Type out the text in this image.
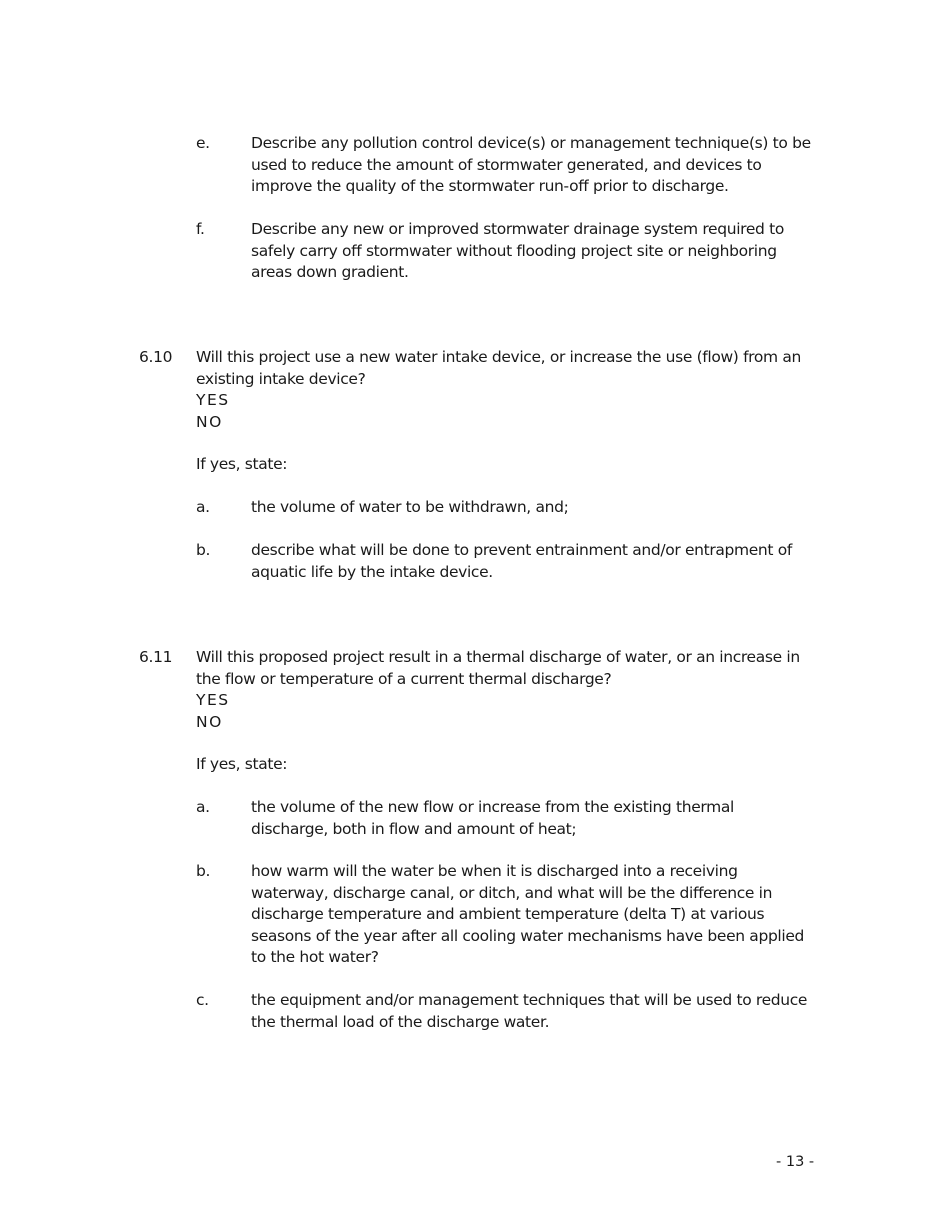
e.	Describe any pollution control device(s) or management technique(s) to be
used to reduce the amount of stormwater generated, and devices to
improve the quality of the stormwater run-off prior to discharge.
f.	Describe any new or improved stormwater drainage system required to
safely carry off stormwater without flooding project site or neighboring
areas down gradient.
6.10 Will this project use a new water intake device, or increase the use (flow) from an
existing intake device?
YES
NO
If yes, state:
a.	the volume of water to be withdrawn, and;
b.	describe what will be done to prevent entrainment and/or entrapment of
aquatic life by the intake device.
6.11 Will this proposed project result in a thermal discharge of water, or an increase in
the flow or temperature of a current thermal discharge?
YES
NO
If yes, state:
a.	the volume of the new flow or increase from the existing thermal
discharge, both in flow and amount of heat;
b.	how warm will the water be when it is discharged into a receiving
waterway, discharge canal, or ditch, and what will be the difference in
discharge temperature and ambient temperature (delta T) at various
seasons of the year after all cooling water mechanisms have been applied
to the hot water?
c.	the equipment and/or management techniques that will be used to reduce
the thermal load of the discharge water.
- 13 -
